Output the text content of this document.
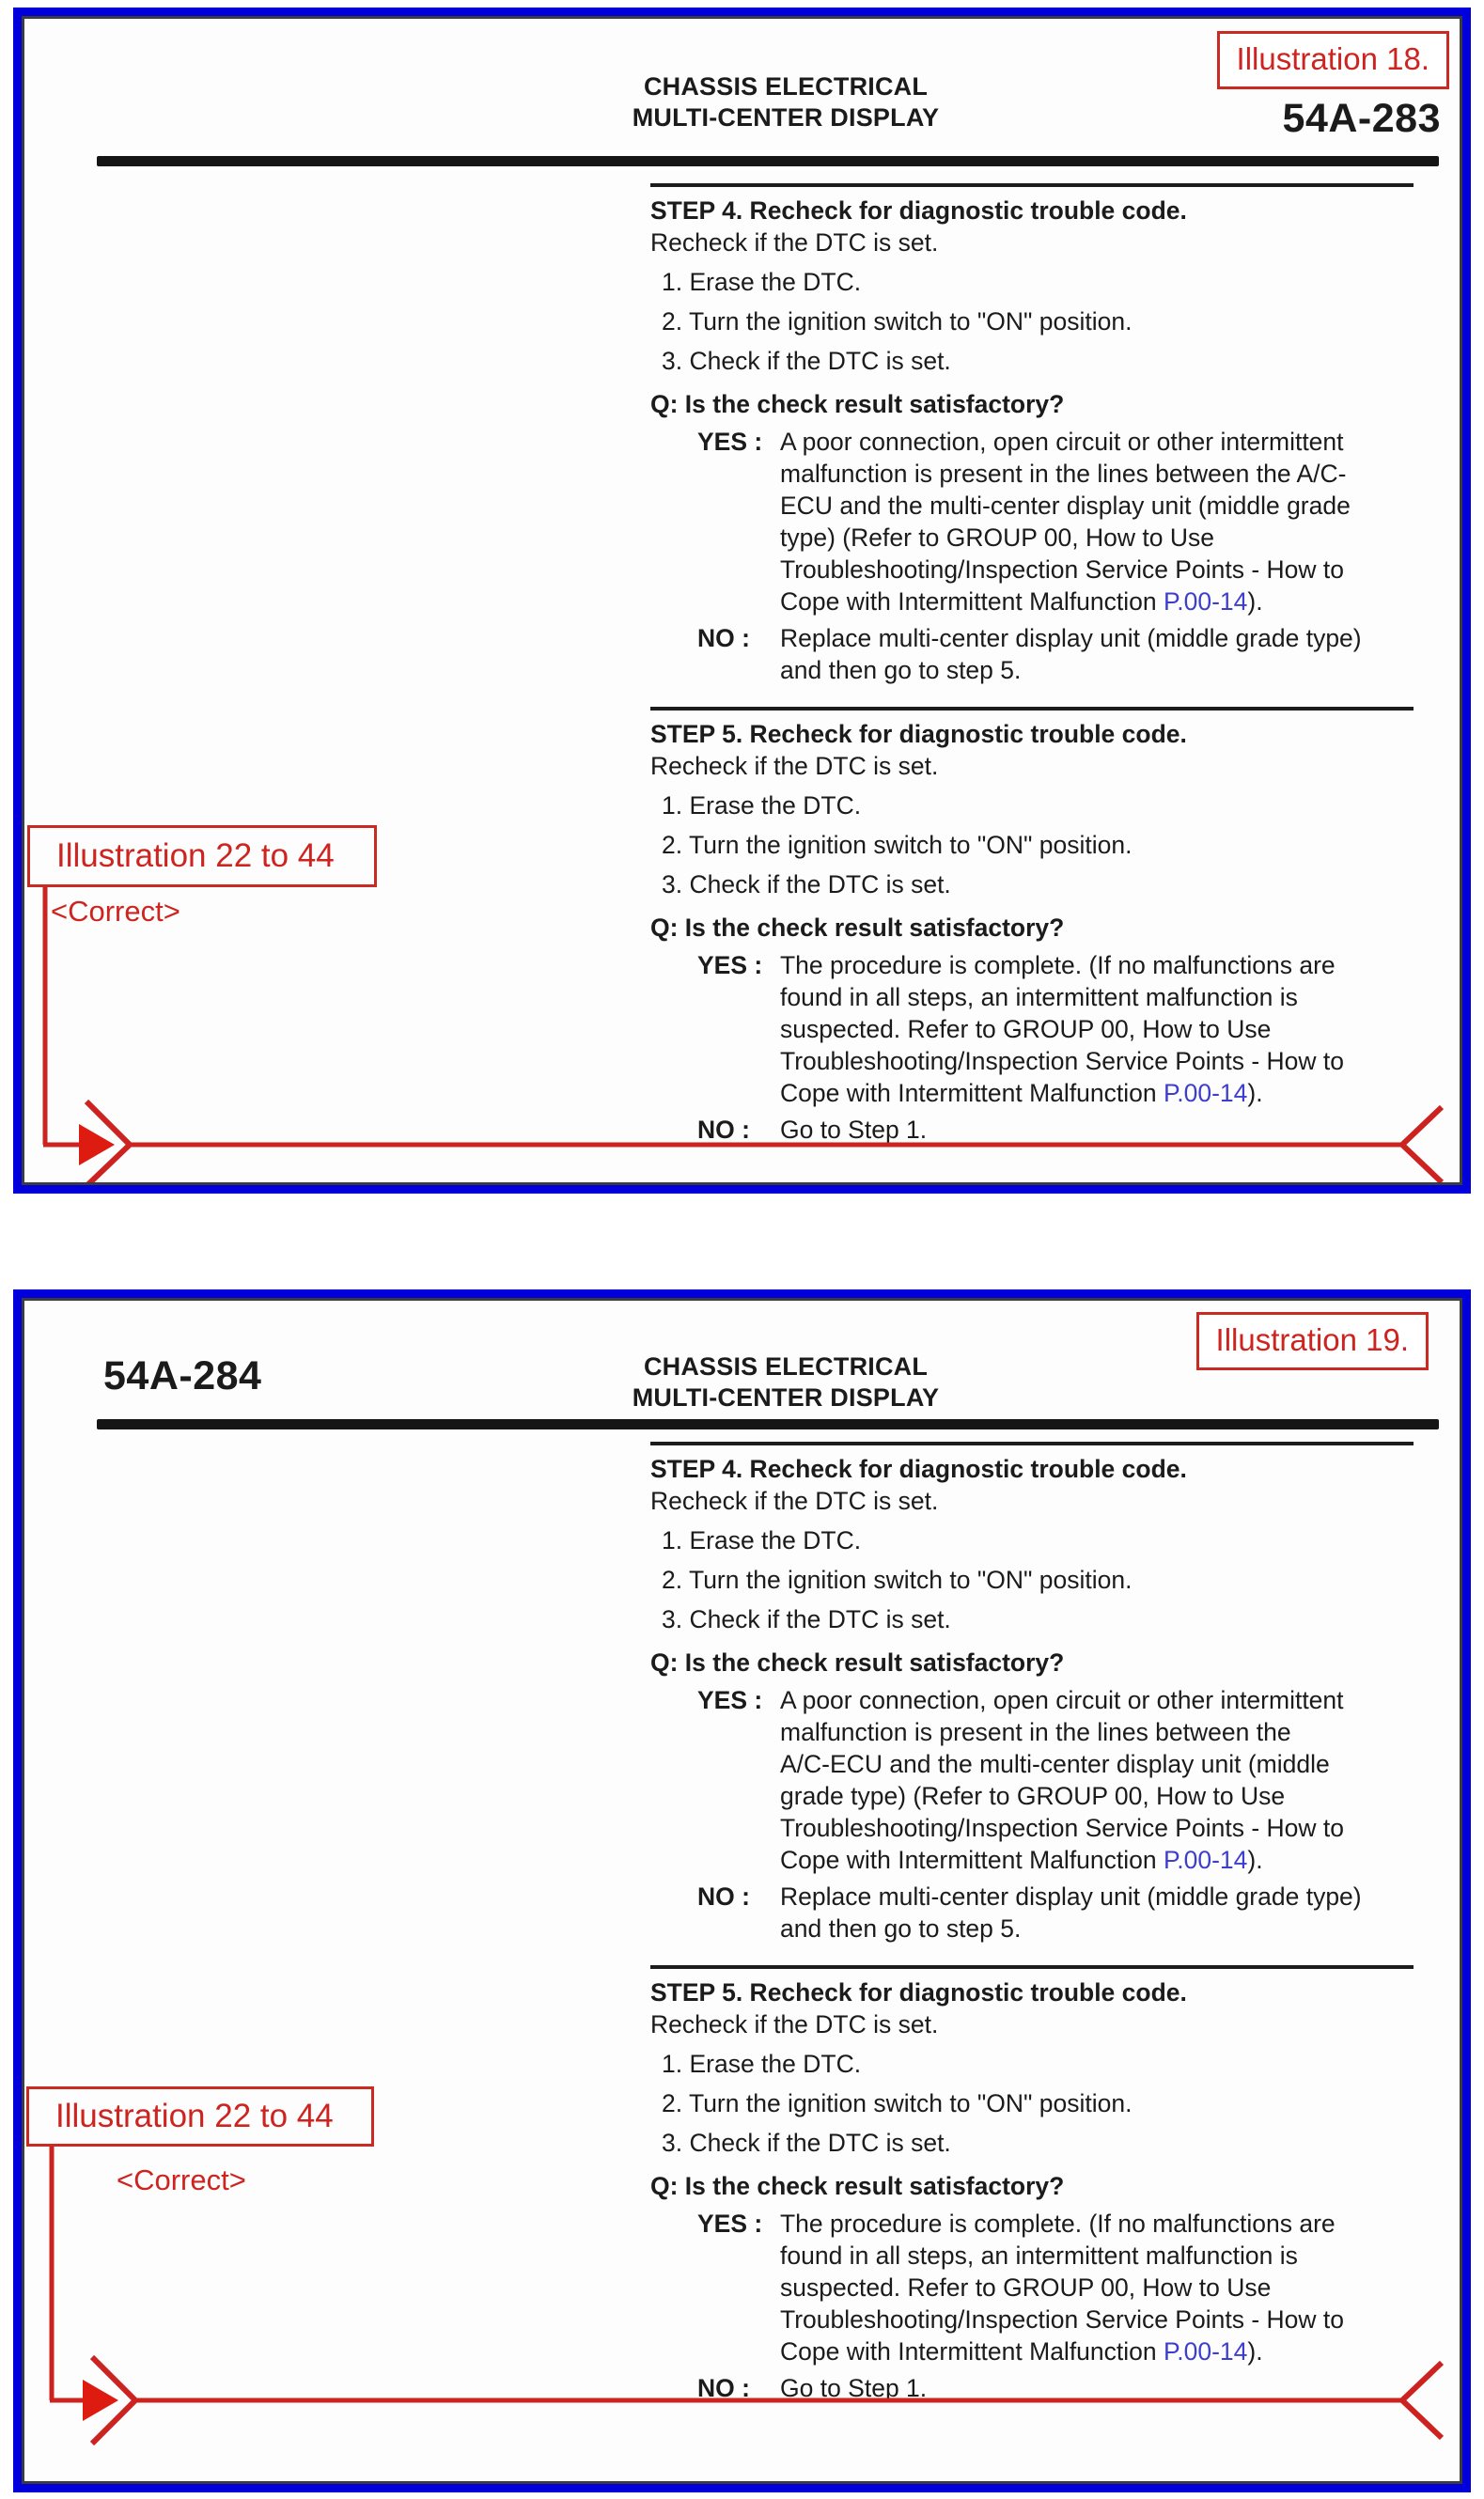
Illustration 18.
CHASSIS ELECTRICAL
MULTI-CENTER DISPLAY	54A-283
STEP 4. Recheck for diagnostic trouble code.
Recheck if the DTC is set.
1. Erase the DTC.
2. Turn the ignition switch to "ON" position.
3. Check if the DTC is set.
Q: Is the check result satisfactory?
YES : A poor connection, open circuit or other intermittent
malfunction is present in the lines between the A/C-
ECU and the multi-center display unit (middle grade
type) (Refer to GROUP 00, How to Use
Troubleshooting/Inspection Service Points - How to
Cope with Intermittent Malfunction P.00-14).
NO :	Replace multi-center display unit (middle grade type)
and then go to step 5.
STEP 5. Recheck for diagnostic trouble code.
Recheck if the DTC is set.
1. Erase the DTC.
2. Turn the ignition switch to "ON" position.
3. Check if the DTC is set.
Q: Is the check result satisfactory?
YES : The procedure is complete. (If no malfunctions are
found in all steps, an intermittent malfunction is
suspected. Refer to GROUP 00, How to Use
Troubleshooting/Inspection Service Points - How to
Cope with Intermittent Malfunction P.00-14).
NO :	Go to Step 1.
Illustration 22 to 44
<Correct>
Illustration 19.
CHASSIS ELECTRICAL
MULTI-CENTER DISPLAY
54A-284
STEP 4. Recheck for diagnostic trouble code.
Recheck if the DTC is set.
1. Erase the DTC.
2. Turn the ignition switch to "ON" position.
3. Check if the DTC is set.
Q: Is the check result satisfactory?
YES : A poor connection, open circuit or other intermittent
malfunction is present in the lines between the
A/C-ECU and the multi-center display unit (middle
grade type) (Refer to GROUP 00, How to Use
Troubleshooting/Inspection Service Points - How to
Cope with Intermittent Malfunction P.00-14).
NO :	Replace multi-center display unit (middle grade type)
and then go to step 5.
STEP 5. Recheck for diagnostic trouble code.
Recheck if the DTC is set.
1. Erase the DTC.
2. Turn the ignition switch to "ON" position.
3. Check if the DTC is set.
Q: Is the check result satisfactory?
YES : The procedure is complete. (If no malfunctions are
found in all steps, an intermittent malfunction is
suspected. Refer to GROUP 00, How to Use
Troubleshooting/Inspection Service Points - How to
Cope with Intermittent Malfunction P.00-14).
NO :	Go to Step 1.
Illustration 22 to 44
<Correct>
